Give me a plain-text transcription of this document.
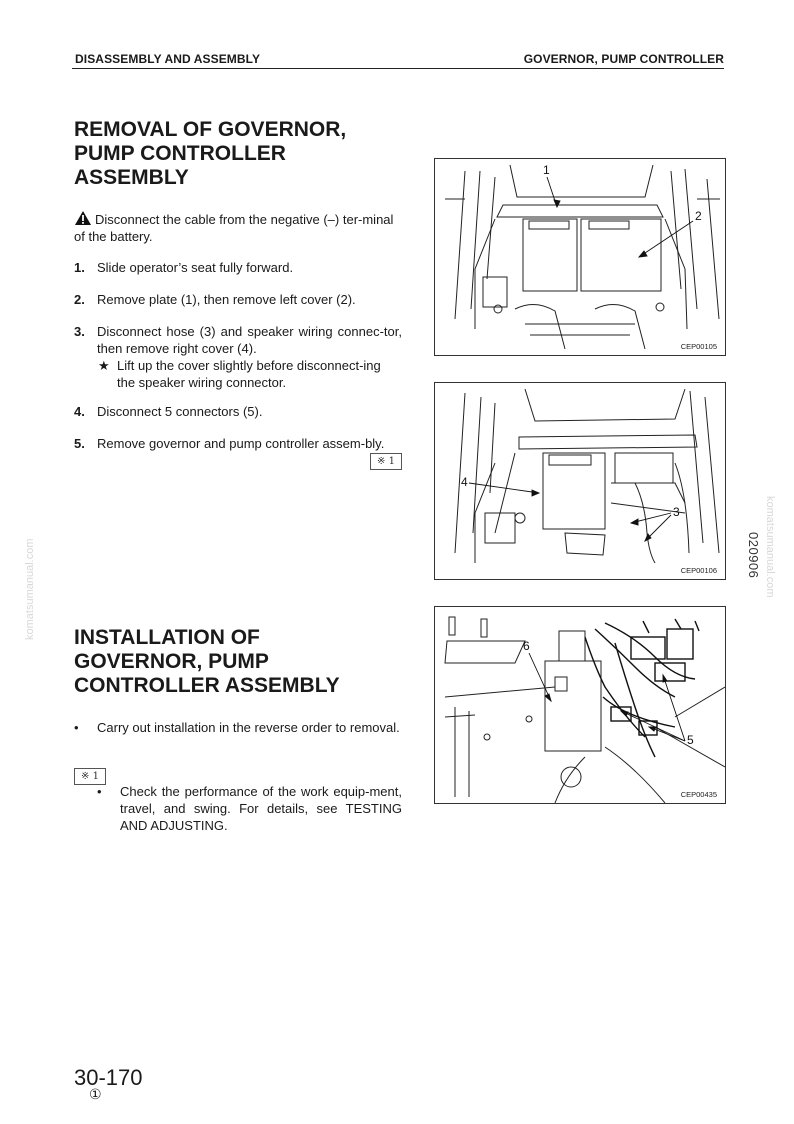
DISASSEMBLY AND ASSEMBLY	GOVERNOR, PUMP CONTROLLER
REMOVAL OF GOVERNOR,
PUMP CONTROLLER
ASSEMBLY
Disconnect the cable from the negative (–) ter-minal of the battery.
1. Slide operator’s seat fully forward.
2. Remove plate (1), then remove left cover (2).
3. Disconnect hose (3) and speaker wiring connec-tor, then remove right cover (4).
★ Lift up the cover slightly before disconnect-ing the speaker wiring connector.
4. Disconnect 5 connectors (5).
5. Remove governor and pump controller assem-bly.
※ 1
INSTALLATION OF
GOVERNOR, PUMP
CONTROLLER ASSEMBLY
• Carry out installation in the reverse order to removal.
※ 1
• Check the performance of the work equip-ment, travel, and swing. For details, see TESTING AND ADJUSTING.
1
2
CEP00105
4
3
CEP00106
6
5
CEP00435
komatsumanual.com	komatsumanual.com
020906
30-170
①
